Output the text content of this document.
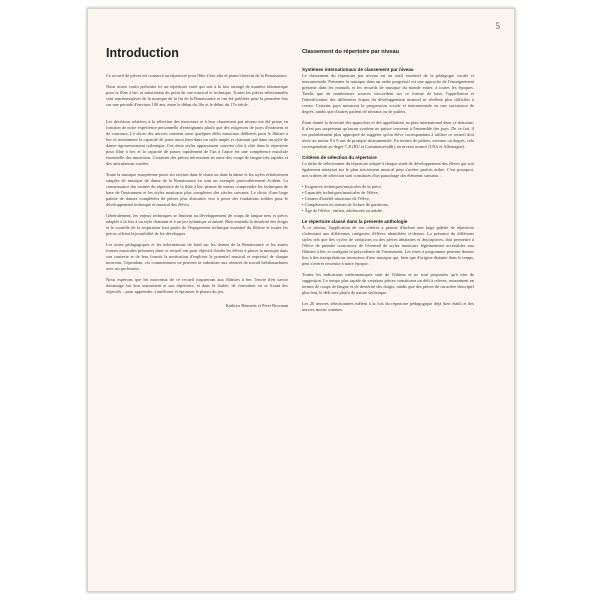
5
Introduction

Ce recueil de pièces est consacré au répertoire pour flûte à bec alto et piano/clavecin de la Renaissance.

Nous avons voulu présenter ici un répertoire varié qui soit à la fois arrangé de manière idiomatique pour la flûte à bec et satisfaisant du point de vue musical et technique. Toutes les pièces sélectionnées sont représentatives de la musique de la fin de la Renaissance et ont été publiées pour la première fois sur une période d'environ 100 ans, entre le début du 16e et le début du 17e siècle.

Les décisions relatives à la sélection des morceaux et à leur classement par niveau ont été prises en fonction de notre expérience personnelle d'enseignants plutôt que des exigences de jurys d'examens et de concours. Le choix des œuvres contient aussi quelques défis musicaux délibérés pour le flûtiste à bec et notamment la capacité de jouer aussi bien dans un style ample et chantant que dans un style de danse rigoureusement rythmique. Ces deux styles apparaissent souvent côte à côte dans le répertoire pour flûte à bec et la capacité de passer rapidement de l'un à l'autre est une compétence musicale essentielle des musiciens. Certaines des pièces nécessitent en outre des coups de langue très rapides et des articulations variées.

Toute la musique européenne puise ses racines dans le chant ou dans la danse et les styles relativement simples de musique de danse de la Renaissance en sont un exemple particulièrement évident. La connaissance des racines du répertoire de la flûte à bec permet de mieux comprendre les techniques de base de l'instrument et les styles musicaux plus complexes des siècles suivants. Le choix d'une large palette de danses complétées de pièces plus abstraites vise à poser des fondations solides pour le développement technique et musical des élèves.

Généralement, les enjeux techniques se limitent au développement de coups de langue nets et précis adaptés à la fois à un style chantant et à un jeu rythmique et animé. Bien entendu la dextérité des doigts et le contrôle de la respiration font partie de l'équipement technique essentiel du flûtiste et toutes les pièces offrent la possibilité de les développer.

Les notes pédagogiques et les informations de fond sur les danses de la Renaissance et les autres formes musicales présentes dans ce recueil ont pour objectif d'aider les élèves à placer la musique dans son contexte et de leur fournir la motivation d'explorer le potentiel musical et expressif de chaque morceau. Cependant, ces commentaires ne peuvent se substituer aux séances de travail hebdomadaires avec un professeur.

Nous espérons que les morceaux de ce recueil inspireront aux flûtistes à bec l'envie d'en savoir davantage sur leur instrument et son répertoire, et dans la foulée, de s'entraîner en se fixant des objectifs – pour apprendre, s'améliorer et éprouver le plaisir du jeu.

Kathryn Bennetts et Peter Bowman
Classement du répertoire par niveau
Systèmes internationaux de classement par niveau

Le classement du répertoire par niveau est un outil essentiel de la pédagogie vocale et instrumentale. Présenter la musique dans un ordre progressif est une approche de l'enseignement présente dans les manuels et les recueils de musique du monde entier, à toutes les époques. Tandis que de nombreuses sources s'accordent sur ce format de base, l'appellation et l'identification des différentes étapes du développement musical se révèlent plus difficiles à cerner. Certains pays mesurent la progression vocale et instrumentale en une succession de degrés, tandis que d'autres parlent de niveaux ou de paliers.

Étant donné la diversité des approches et des appellations au plan international dans ce domaine, il n'est pas surprenant qu'aucun système ne puisse convenir à l'ensemble des pays. De ce fait, il est probablement plus approprié de suggérer qu'un élève correspondant à utiliser ce recueil doit avoir au moins 8 à 9 ans de pratique instrumentale. En termes de paliers, niveaux ou degrés, cela correspondrait au degré 7–8 (RU et Commonwealth), au niveau avancé (USA et Allemagne).

Critères de sélection du répertoire

La tâche de sélectionner du répertoire adapté à chaque stade de développement des élèves qui soit également attrayant sur le plan strictement musical peut s'avérer parfois ardue. C'est pourquoi, nos critères de sélection sont constitués d'un panachage des éléments suivants :

• Exigences techniques/musicales de la pièce,
• Capacités techniques/musicales de l'élève,
• Centres d'intérêt musicaux de l'élève,
• Compétences en termes de lecture de partitions,
• Âge de l'élève : enfant, adolescent ou adulte.
Le répertoire classé dans la présente anthologie

À ce niveau, l'application de ces critères a permis d'inclure une large palette de répertoire s'adressant aux différentes catégories d'élèves identifiées ci-dessus. La présence de différents styles tels que des cycles de variations ou des pièces abstraites et descriptives, doit permettre à l'élève de prendre conscience de l'éventail de styles musicaux légitimement accessibles aux flûtistes à bec et souligner la polyvalence de l'instrument. Les titres à programme peuvent donner lieu à des interprétations inventives d'une musique qui, bien que d'origine distante dans le temps, peut s'avérer ressentie à notre époque.

Toutes les indications métronomiques sont de l'éditeur et ne sont proposées qu'à titre de suggestion. Le tempo plus rapide de certaines pièces constituera un défi à relever, notamment en termes de coups de langue et de dextérité des doigts, tandis que des pièces de caractère descriptif plus lent, le défi sera plutôt de nature stylistique.

Les 20 œuvres sélectionnées mêlent à la fois du répertoire pédagogique déjà bien établi et des œuvres moins connues.
